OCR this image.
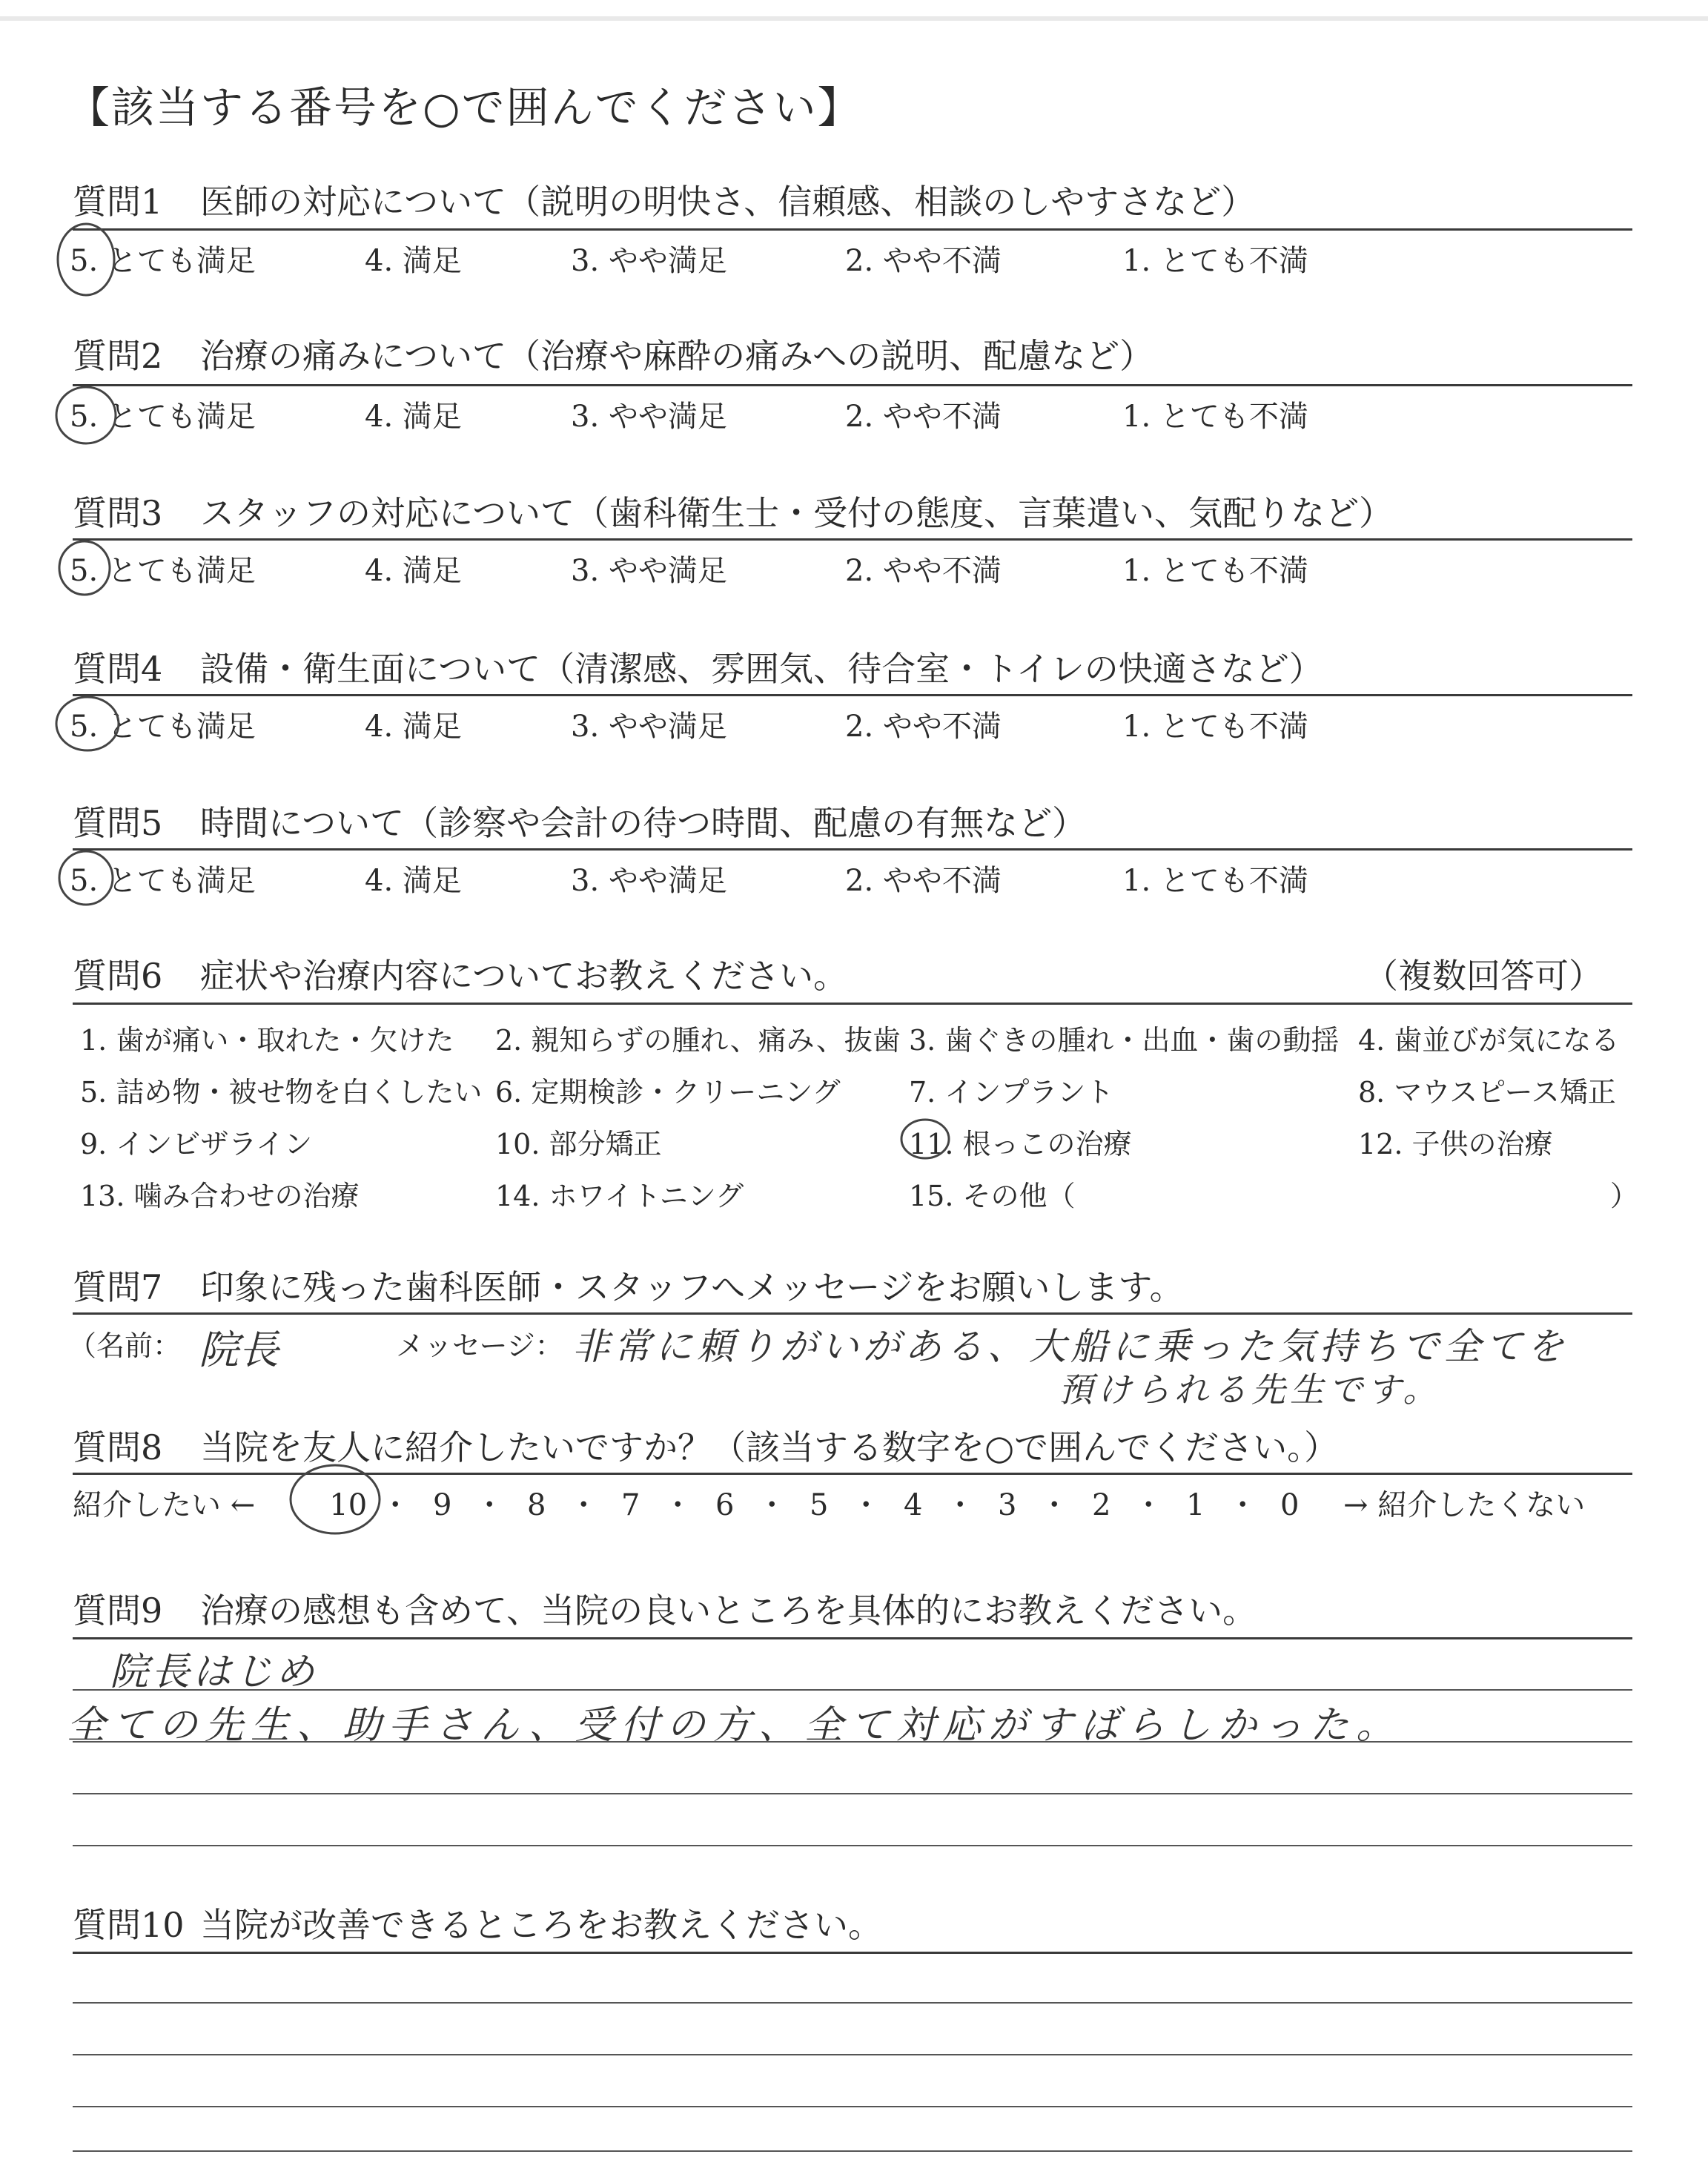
【該当する番号を○で囲んでください】
質問1 医師の対応について（説明の明快さ、信頼感、相談のしやすさなど）
5. とても満足	4. 満足	3. やや満足	2. やや不満	1. とても不満
質問2 治療の痛みについて（治療や麻酔の痛みへの説明、配慮など）
5. とても満足	4. 満足	3. やや満足	2. やや不満	1. とても不満
質問3 スタッフの対応について（歯科衛生士・受付の態度、言葉遣い、気配りなど）
5. とても満足	4. 満足	3. やや満足	2. やや不満	1. とても不満
質問4 設備・衛生面について（清潔感、雰囲気、待合室・トイレの快適さなど）
5. とても満足	4. 満足	3. やや満足	2. やや不満	1. とても不満
質問5 時間について（診察や会計の待つ時間、配慮の有無など）
5. とても満足	4. 満足	3. やや満足	2. やや不満	1. とても不満
質問6 症状や治療内容についてお教えください。	（複数回答可）
1. 歯が痛い・取れた・欠けた 2. 親知らずの腫れ、痛み、抜歯 3. 歯ぐきの腫れ・出血・歯の動揺 4. 歯並びが気になる
5. 詰め物・被せ物を白くしたい 6. 定期検診・クリーニング 7. インプラント	8. マウスピース矯正
9. インビザライン	10. 部分矯正	11. 根っこの治療	12. 子供の治療
13. 噛み合わせの治療	14. ホワイトニング	15. その他（	）
質問7 印象に残った歯科医師・スタッフへメッセージをお願いします。
（名前： 院長	メッセージ： 非常に頼りがいがある、大船に乗った気持ちで全てを
預けられる先生です。
質問8 当院を友人に紹介したいですか？（該当する数字を○で囲んでください。）
紹介したい ←	10 ・ 9 ・ 8 ・ 7 ・ 6 ・ 5 ・ 4 ・ 3 ・ 2 ・ 1 ・ 0	→ 紹介したくない
質問9 治療の感想も含めて、当院の良いところを具体的にお教えください。
院長はじめ
全ての先生、助手さん、受付の方、全て対応がすばらしかった。
質問10 当院が改善できるところをお教えください。
